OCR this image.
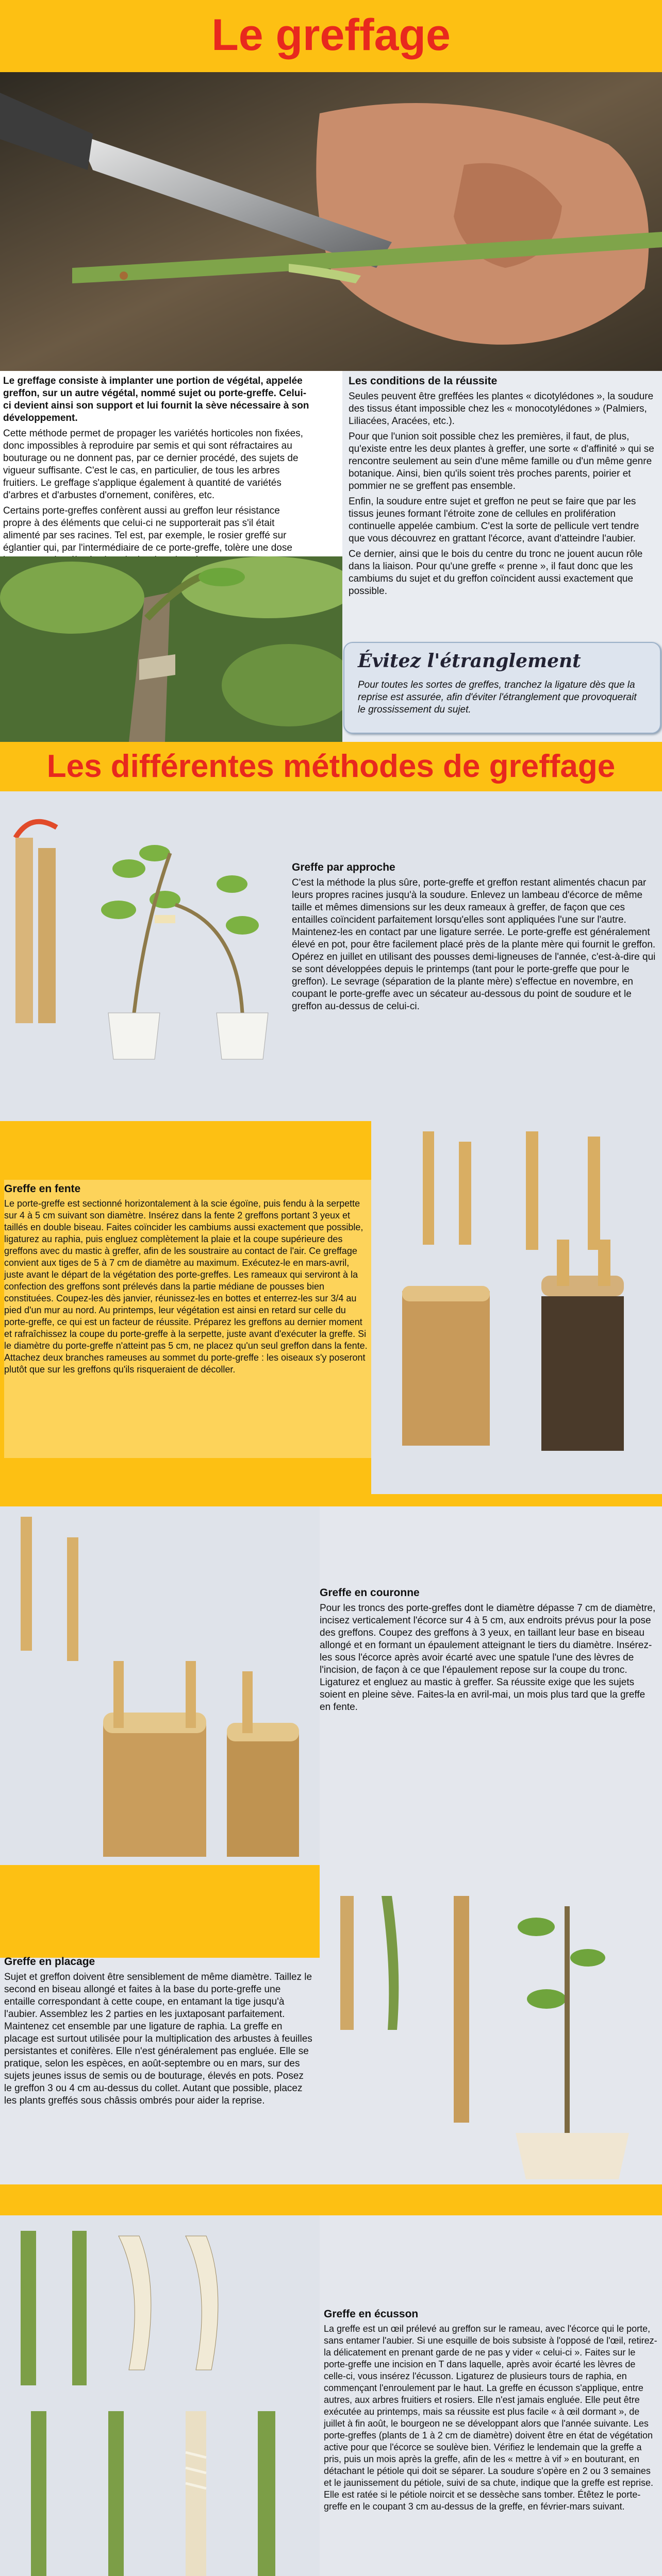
Le greffage

Le greffage consiste à implanter une portion de végétal, appelée greffon, sur un autre végétal, nommé sujet ou porte-greffe. Celui-ci devient ainsi son support et lui fournit la sève nécessaire à son développement.

Cette méthode permet de propager les variétés horticoles non fixées, donc impossibles à reproduire par semis et qui sont réfractaires au bouturage ou ne donnent pas, par ce dernier procédé, des sujets de vigueur suffisante. C'est le cas, en particulier, de tous les arbres fruitiers. Le greffage s'applique également à quantité de variétés d'arbres et d'arbustes d'ornement, conifères, etc.

Certains porte-greffes confèrent aussi au greffon leur résistance propre à des éléments que celui-ci ne supporterait pas s'il était alimenté par ses racines. Tel est, par exemple, le rosier greffé sur églantier qui, par l'intermédiaire de ce porte-greffe, tolère une dose

Les conditions de la réussite

Seules peuvent être greffées les plantes « dicotylédones », la soudure des tissus étant impossible chez les « monocotylédones » (Palmiers, Liliacées, Aracées, etc.).

Pour que l'union soit possible chez les premières, il faut, de plus, qu'existe entre les deux plantes à greffer, une sorte « d'affinité » qui se rencontre seulement au sein d'une même famille ou d'un même genre botanique. Ainsi, bien qu'ils soient très proches parents, poirier et pommier ne se greffent pas ensemble.

Enfin, la soudure entre sujet et greffon ne peut se faire que par les tissus jeunes formant l'étroite zone de cellules en prolifération continuelle appelée cambium. C'est la sorte de pellicule vert tendre que vous découvrez en grattant l'écorce, avant d'atteindre l'aubier.

Ce dernier, ainsi que le bois du centre du tronc ne jouent aucun rôle dans la liaison. Pour qu'une greffe « prenne », il faut donc que les cambiums du sujet et du greffon coïncident aussi exactement que possible.

Évitez l'étranglement
Pour toutes les sortes de greffes, tranchez la ligature dès que la reprise est assurée, afin d'éviter l'étranglement que provoquerait le grossissement du sujet.
Les différentes méthodes de greffage
Greffe par approche

C'est la méthode la plus sûre, porte-greffe et greffon restant alimentés chacun par leurs propres racines jusqu'à la soudure. Enlevez un lambeau d'écorce de même taille et mêmes dimensions sur les deux rameaux à greffer, de façon que ces entailles coïncident parfaitement lorsqu'elles sont appliquées l'une sur l'autre. Maintenez-les en contact par une ligature serrée. Le porte-greffe est généralement élevé en pot, pour être facilement placé près de la plante mère qui fournit le greffon. Opérez en juillet en utilisant des pousses demi-ligneuses de l'année, c'est-à-dire qui se sont développées depuis le printemps (tant pour le porte-greffe que pour le greffon). Le sevrage (séparation de la plante mère) s'effectue en novembre, en coupant le porte-greffe avec un sécateur au-dessous du point de soudure et le greffon au-dessus de celui-ci.

Greffe en fente

Le porte-greffe est sectionné horizontalement à la scie égoïne, puis fendu à la serpette sur 4 à 5 cm suivant son diamètre. Insérez dans la fente 2 greffons portant 3 yeux et taillés en double biseau. Faites coïncider les cambiums aussi exactement que possible, ligaturez au raphia, puis engluez complètement la plaie et la coupe supérieure des greffons avec du mastic à greffer, afin de les soustraire au contact de l'air. Ce greffage convient aux tiges de 5 à 7 cm de diamètre au maximum. Exécutez-le en mars-avril, juste avant le départ de la végétation des porte-greffes. Les rameaux qui serviront à la confection des greffons sont prélevés dans la partie médiane de pousses bien constituées. Coupez-les dès janvier, réunissez-les en bottes et enterrez-les sur 3/4 au pied d'un mur au nord. Au printemps, leur végétation est ainsi en retard sur celle du porte-greffe, ce qui est un facteur de réussite. Préparez les greffons au dernier moment et rafraîchissez la coupe du porte-greffe à la serpette, juste avant d'exécuter la greffe. Si le diamètre du porte-greffe n'atteint pas 5 cm, ne placez qu'un seul greffon dans la fente. Attachez deux branches rameuses au sommet du porte-greffe : les oiseaux s'y poseront plutôt que sur les greffons qu'ils risqueraient de décoller.

Greffe en couronne

Pour les troncs des porte-greffes dont le diamètre dépasse 7 cm de diamètre, incisez verticalement l'écorce sur 4 à 5 cm, aux endroits prévus pour la pose des greffons. Coupez des greffons à 3 yeux, en taillant leur base en biseau allongé et en formant un épaulement atteignant le tiers du diamètre. Insérez-les sous l'écorce après avoir écarté avec une spatule l'une des lèvres de l'incision, de façon à ce que l'épaulement repose sur la coupe du tronc. Ligaturez et engluez au mastic à greffer. Sa réussite exige que les sujets soient en pleine sève. Faites-la en avril-mai, un mois plus tard que la greffe en fente.

Greffe en placage

Sujet et greffon doivent être sensiblement de même diamètre. Taillez le second en biseau allongé et faites à la base du porte-greffe une entaille correspondant à cette coupe, en entamant la tige jusqu'à l'aubier. Assemblez les 2 parties en les juxtaposant parfaitement. Maintenez cet ensemble par une ligature de raphia. La greffe en placage est surtout utilisée pour la multiplication des arbustes à feuilles persistantes et conifères. Elle n'est généralement pas engluée. Elle se pratique, selon les espèces, en août-septembre ou en mars, sur des sujets jeunes issus de semis ou de bouturage, élevés en pots. Posez le greffon 3 ou 4 cm au-dessus du collet. Autant que possible, placez les plants greffés sous châssis ombrés pour aider la reprise.

Greffe en écusson

La greffe est un œil prélevé au greffon sur le rameau, avec l'écorce qui le porte, sans entamer l'aubier. Si une esquille de bois subsiste à l'opposé de l'œil, retirez-la délicatement en prenant garde de ne pas y vider « celui-ci ». Faites sur le porte-greffe une incision en T dans laquelle, après avoir écarté les lèvres de celle-ci, vous insérez l'écusson. Ligaturez de plusieurs tours de raphia, en commençant l'enroulement par le haut. La greffe en écusson s'applique, entre autres, aux arbres fruitiers et rosiers. Elle n'est jamais engluée. Elle peut être exécutée au printemps, mais sa réussite est plus facile « à œil dormant », de juillet à fin août, le bourgeon ne se développant alors que l'année suivante. Les porte-greffes (plants de 1 à 2 cm de diamètre) doivent être en état de végétation active pour que l'écorce se soulève bien. Vérifiez le lendemain que la greffe a pris, puis un mois après la greffe, afin de les « mettre à vif » en bouturant, en détachant le pétiole qui doit se séparer. La soudure s'opère en 2 ou 3 semaines et le jaunissement du pétiole, suivi de sa chute, indique que la greffe est reprise. Elle est ratée si le pétiole noircit et se dessèche sans tomber. Étêtez le porte-greffe en le coupant 3 cm au-dessus de la greffe, en février-mars suivant.
